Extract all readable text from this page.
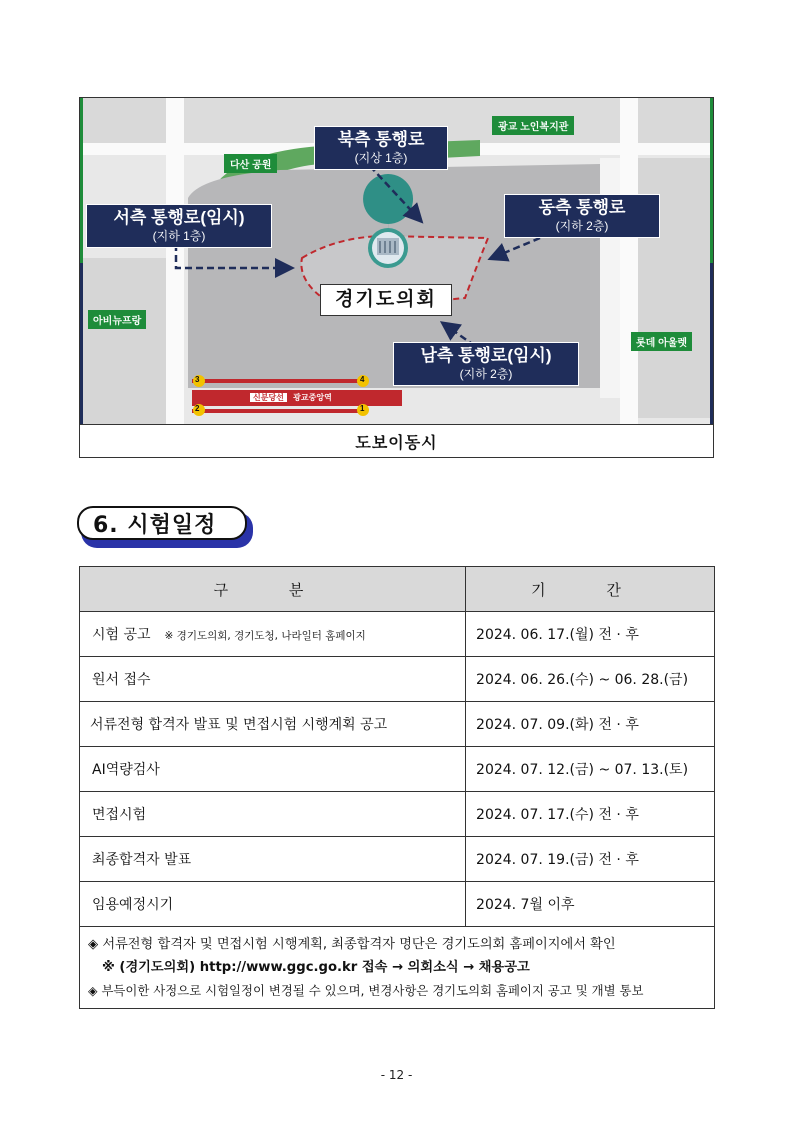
북측 통행로
(지상 1층)
서측 통행로(임시)
(지하 1층)
동측 통행로
(지하 2층)
남측 통행로(임시)
(지하 2층)
경기도의회
다산 공원
광교 노인복지관
아비뉴프랑
롯데 아울렛
신분당선 광교중앙역
3	4
2	1
도보이동시
6. 시험일정
구 분	기 간
시험 공고 ※ 경기도의회, 경기도청, 나라일터 홈페이지	2024. 06. 17.(월) 전 · 후
원서 접수	2024. 06. 26.(수) ~ 06. 28.(금)
서류전형 합격자 발표 및 면접시험 시행계획 공고	2024. 07. 09.(화) 전 · 후
AI역량검사	2024. 07. 12.(금) ~ 07. 13.(토)
면접시험	2024. 07. 17.(수) 전 · 후
최종합격자 발표	2024. 07. 19.(금) 전 · 후
임용예정시기	2024. 7월 이후

◈ 서류전형 합격자 및 면접시험 시행계획, 최종합격자 명단은 경기도의회 홈페이지에서 확인
※ (경기도의회) http://www.ggc.go.kr 접속 → 의회소식 → 채용공고
◈ 부득이한 사정으로 시험일정이 변경될 수 있으며, 변경사항은 경기도의회 홈페이지 공고 및 개별 통보	
- 12 -
